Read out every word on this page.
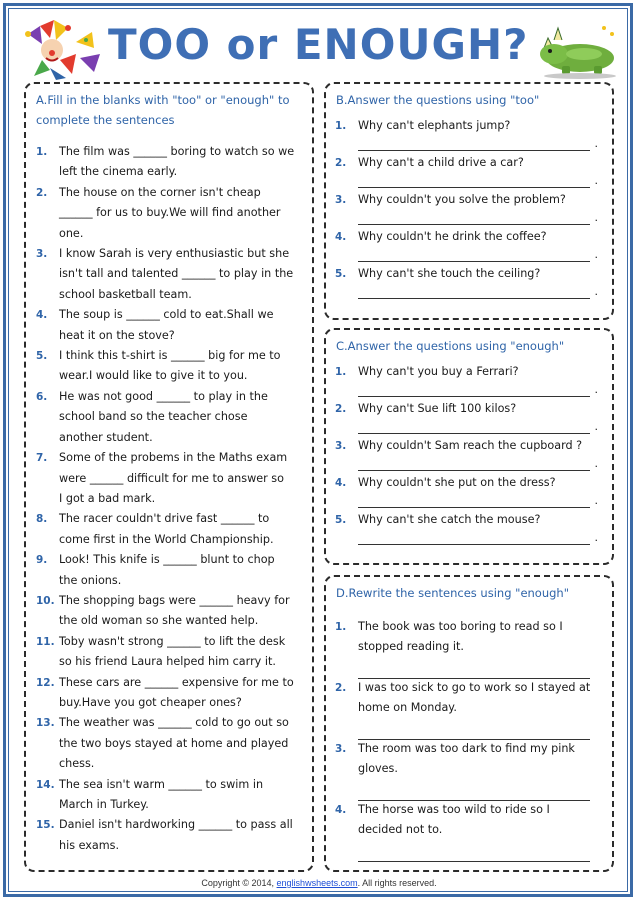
TOO or ENOUGH?
A.Fill in the blanks with "too" or "enough" to complete the sentences
1. The film was ______ boring to watch so we
left the cinema early.
2. The house on the corner isn't cheap
______ for us to buy.We will find another
one.
3. I know Sarah is very enthusiastic but she
isn't tall and talented ______ to play in the
school basketball team.
4. The soup is ______ cold to eat.Shall we
heat it on the stove?
5. I think this t-shirt is ______ big for me to
wear.I would like to give it to you.
6. He was not good ______ to play in the
school band so the teacher chose
another student.
7. Some of the probems in the Maths exam
were ______ difficult for me to answer so
I got a bad mark.
8. The racer couldn't drive fast ______ to
come first in the World Championship.
9. Look! This knife is ______ blunt to chop
the onions.
10. The shopping bags were ______ heavy for
the old woman so she wanted help.
11. Toby wasn't strong ______ to lift the desk
so his friend Laura helped him carry it.
12. These cars are ______ expensive for me to
buy.Have you got cheaper ones?
13. The weather was ______ cold to go out so
the two boys stayed at home and played
chess.
14. The sea isn't warm ______ to swim in
March in Turkey.
15. Daniel isn't hardworking ______ to pass all
his exams.
B.Answer the questions using "too"
1. Why can't elephants jump?
.
2. Why can't a child drive a car?
.
3. Why couldn't you solve the problem?
.
4. Why couldn't he drink the coffee?
.
5. Why can't she touch the ceiling?
.
C.Answer the questions using "enough"
1. Why can't you buy a Ferrari?
.
2. Why can't Sue lift 100 kilos?
.
3. Why couldn't Sam reach the cupboard ?
.
4. Why couldn't she put on the dress?
.
5. Why can't she catch the mouse?
.
D.Rewrite the sentences using "enough"
1. The book was too boring to read so I
stopped reading it.
2. I was too sick to go to work so I stayed at
home on Monday.
3. The room was too dark to find my pink
gloves.
4. The horse was too wild to ride so I
decided not to.
Copyright © 2014, englishwsheets.com. All rights reserved.
